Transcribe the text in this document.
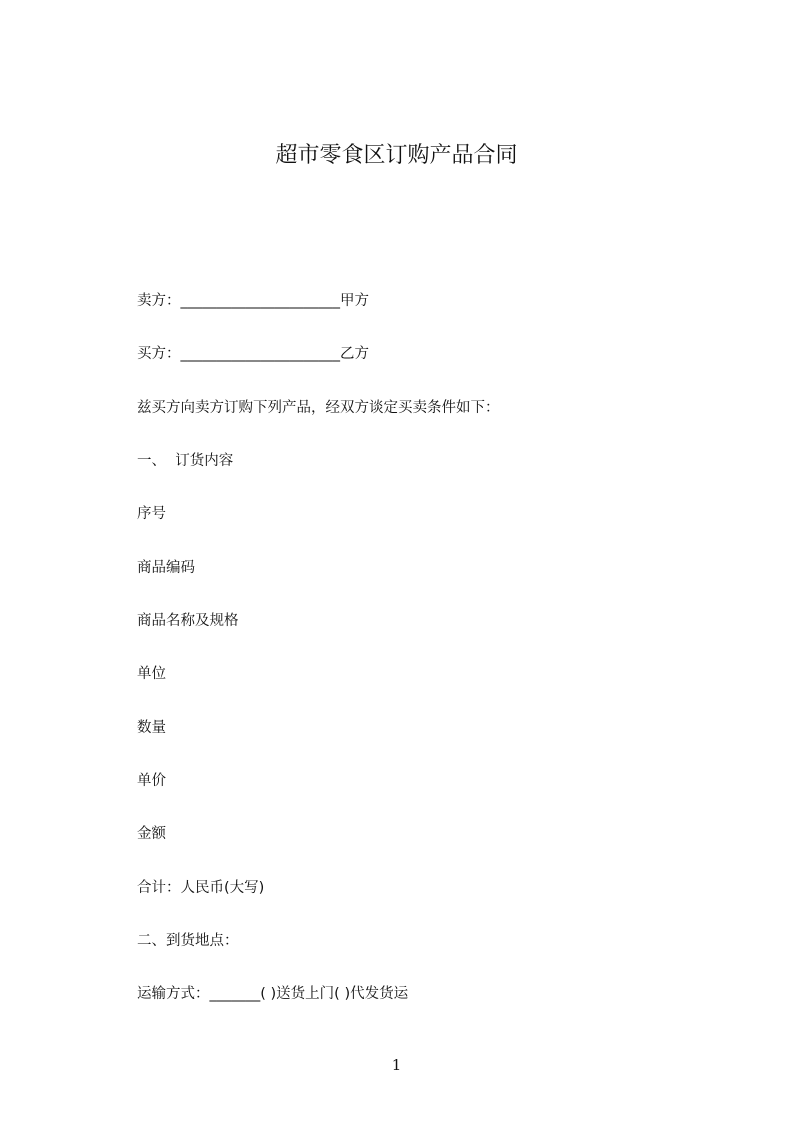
超市零食区订购产品合同
卖方：______________________甲方
买方：______________________乙方
兹买方向卖方订购下列产品，经双方谈定买卖条件如下：
一、  订货内容
序号
商品编码
商品名称及规格
单位
数量
单价
金额
合计：人民币(大写)
二、到货地点：
运输方式：_______( )送货上门( )代发货运
1
